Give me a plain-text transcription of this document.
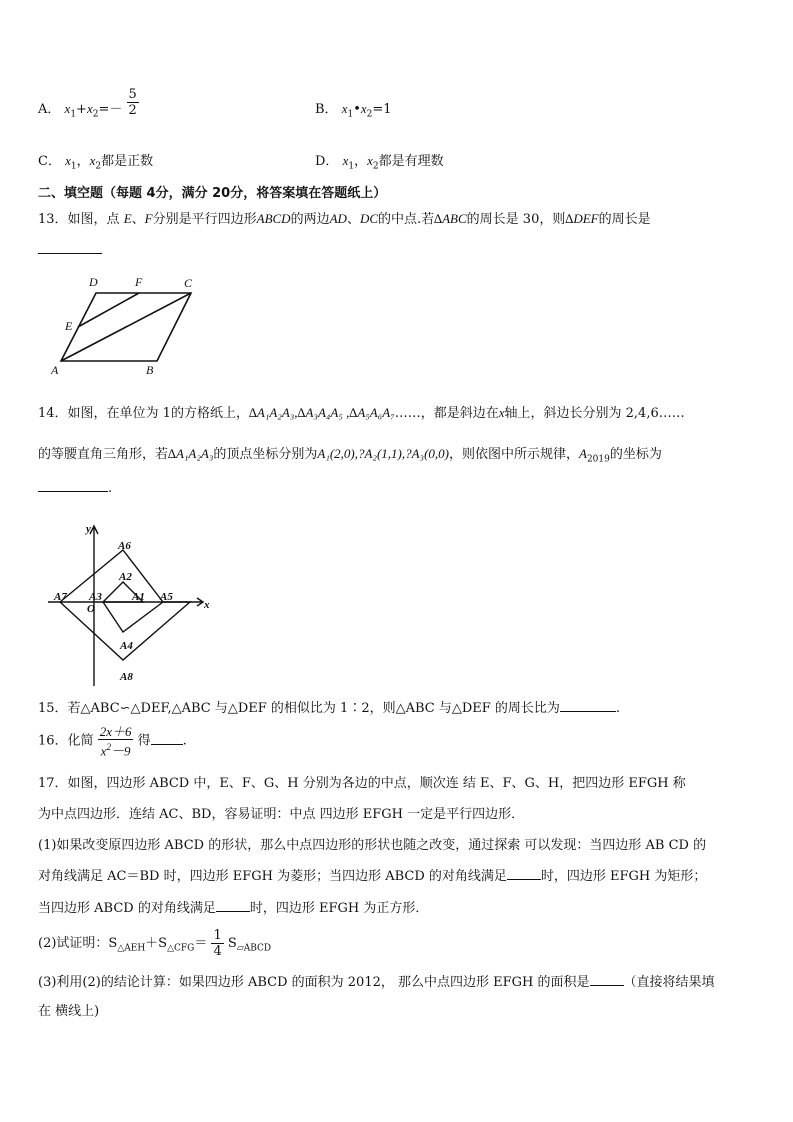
A． $x_1+x_2=- \frac{5}{2}$	B． $x_1•x_2=1$
C． $x_1$，$x_2$都是正数	D． $x_1$，$x_2$都是有理数
二、填空题（每题 4分，满分 20分，将答案填在答题纸上）
13．如图，点 E、F分别是平行四边形ABCD的两边AD、DC的中点.若∆ABC的周长是 30，则∆DEF的周长是
D	F	C
E
A	B
14．如图，在单位为 1的方格纸上，∆A₁A₂A₃,∆A₃A₄A₅ ,∆A₅A₆A₇……，都是斜边在x轴上，斜边长分别为 2,4,6……
的等腰直角三角形，若∆A₁A₂A₃的顶点坐标分别为A₁(2,0),?A₂(1,1),?A₃(0,0)，则依图中所示规律，$A_{2019}$的坐标为
.
y
x
O
A6
A2
A7 A3	A1 A5
A4
A8
15．若△ABC∽△DEF,△ABC 与△DEF 的相似比为 1∶2，则△ABC 与△DEF 的周长比为	.
16．化简 $\frac{2x+6}{x^2-9}$ 得 .
17．如图，四边形 ABCD 中，E、F、G、H 分别为各边的中点，顺次连 结 E、F、G、H，把四边形 EFGH 称
为中点四边形．连结 AC、BD，容易证明：中点 四边形 EFGH 一定是平行四边形．
(1)如果改变原四边形 ABCD 的形状，那么中点四边形的形状也随之改变，通过探索 可以发现：当四边形 AB CD 的
对角线满足 AC＝BD 时，四边形 EFGH 为菱形；当四边形 ABCD 的对角线满足	时，四边形 EFGH 为矩形；
当四边形 ABCD 的对角线满足	时，四边形 EFGH 为正方形．
(2)试证明：$S_{\triangle AEH}+S_{\triangle CFG}= \frac{1}{4} S_{▱ABCD}$
(3)利用(2)的结论计算：如果四边形 ABCD 的面积为 2012， 那么中点四边形 EFGH 的面积是	（直接将结果填
在 横线上)
